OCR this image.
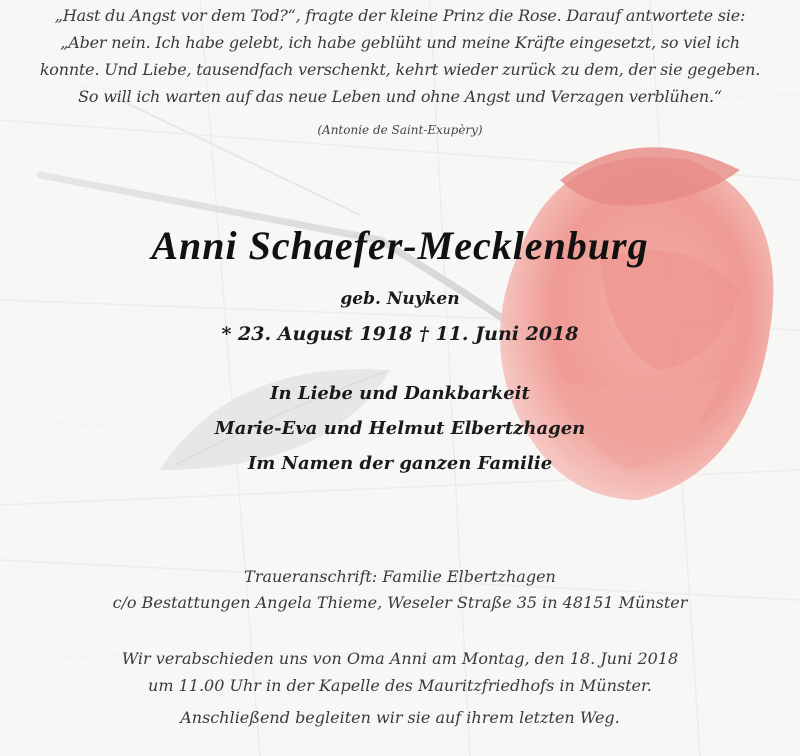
„Hast du Angst vor dem Tod?“, fragte der kleine Prinz die Rose. Darauf antwortete sie:
„Aber nein. Ich habe gelebt, ich habe geblüht und meine Kräfte eingesetzt, so viel ich
konnte. Und Liebe, tausendfach verschenkt, kehrt wieder zurück zu dem, der sie gegeben.
So will ich warten auf das neue Leben und ohne Angst und Verzagen verblühen.“
(Antonie de Saint-Exupèry)
Anni Schaefer-Mecklenburg
geb. Nuyken
* 23. August 1918 † 11. Juni 2018
In Liebe und Dankbarkeit
Marie-Eva und Helmut Elbertzhagen
Im Namen der ganzen Familie
Traueranschrift: Familie Elbertzhagen
c/o Bestattungen Angela Thieme, Weseler Straße 35 in 48151 Münster
Wir verabschieden uns von Oma Anni am Montag, den 18. Juni 2018
um 11.00 Uhr in der Kapelle des Mauritzfriedhofs in Münster.
Anschließend begleiten wir sie auf ihrem letzten Weg.
